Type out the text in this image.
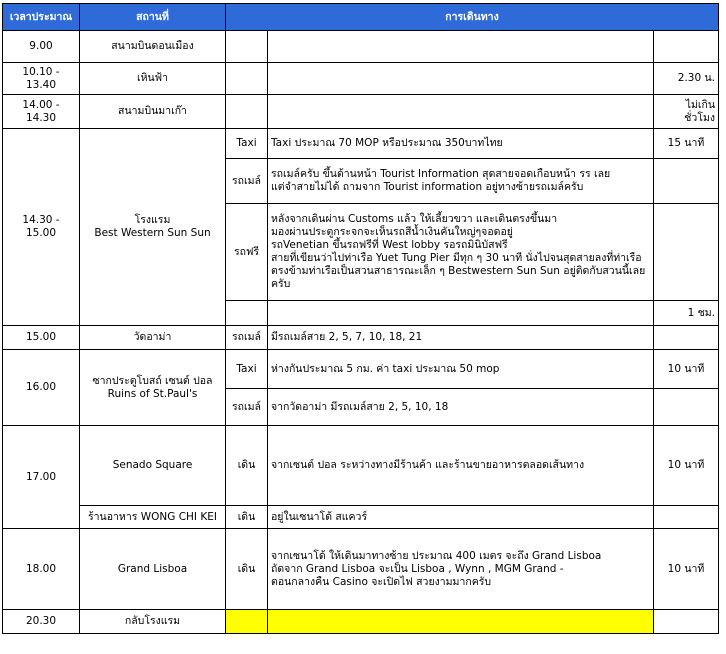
เวลาประมาณ	สถานที่	การเดินทาง		
9.00	สนามบินดอนเมือง			
10.10 - 13.40	เหินฟ้า			2.30 น.
14.00 - 14.30	สนามบินมาเก๊า			ไม่เกินชั่วโมง
14.30 - 15.00	โรงแรม
Best Western Sun Sun	Taxi	Taxi ประมาณ 70 MOP หรือประมาณ 350บาทไทย	15 นาที
		รถเมล์	รถเมล์ครับ ขึ้นด้านหน้า Tourist Information สุดสายจอดเกือบหน้า รร เลย
แต่จำสายไม่ได้ ถามจาก Tourist information อยู่ทางซ้ายรถเมล์ครับ	
		รถฟรี	หลังจากเดินผ่าน Customs แล้ว ให้เลี้ยวขวา และเดินตรงขึ้นมา
มองผ่านประตูกระจกจะเห็นรถสีน้ำเงินคันใหญ่ๆจอดอยู่
รถVenetian ขึ้นรถฟรีที่ West lobby รอรถมินิบัสฟรี
สายที่เขียนว่าไปท่าเรือ Yuet Tung Pier มีทุก ๆ 30 นาที นั่งไปจนสุดสายลงที่ท่าเรือ
ตรงข้ามท่าเรือเป็นสวนสาธารณะเล็ก ๆ Bestwestern Sun Sun อยู่ติดกับสวนนี้เลยครับ	
				1 ชม.
15.00	วัดอาม่า	รถเมล์	มีรถเมล์สาย 2, 5, 7, 10, 18, 21	
16.00	ซากประตูโบสถ์ เซนต์ ปอล
Ruins of St.Paul's	Taxi	ห่างกันประมาณ 5 กม. ค่า taxi ประมาณ 50 mop	10 นาที
		รถเมล์	จากวัดอาม่า มีรถเมล์สาย 2, 5, 10, 18	
17.00	Senado Square	เดิน	จากเซนต์ ปอล ระหว่างทางมีร้านค้า และร้านขายอาหารตลอดเส้นทาง	10 นาที
	ร้านอาหาร WONG CHI KEI	เดิน	อยู่ในเซนาโด้ สแควร์	
18.00	Grand Lisboa	เดิน	จากเซนาโด้ ให้เดินมาทางซ้าย ประมาณ 400 เมตร จะถึง Grand Lisboa
ถัดจาก Grand Lisboa จะเป็น Lisboa , Wynn , MGM Grand -
ตอนกลางคืน Casino จะเปิดไฟ สวยงามมากครับ	10 นาที
20.30	กลับโรงแรม			
